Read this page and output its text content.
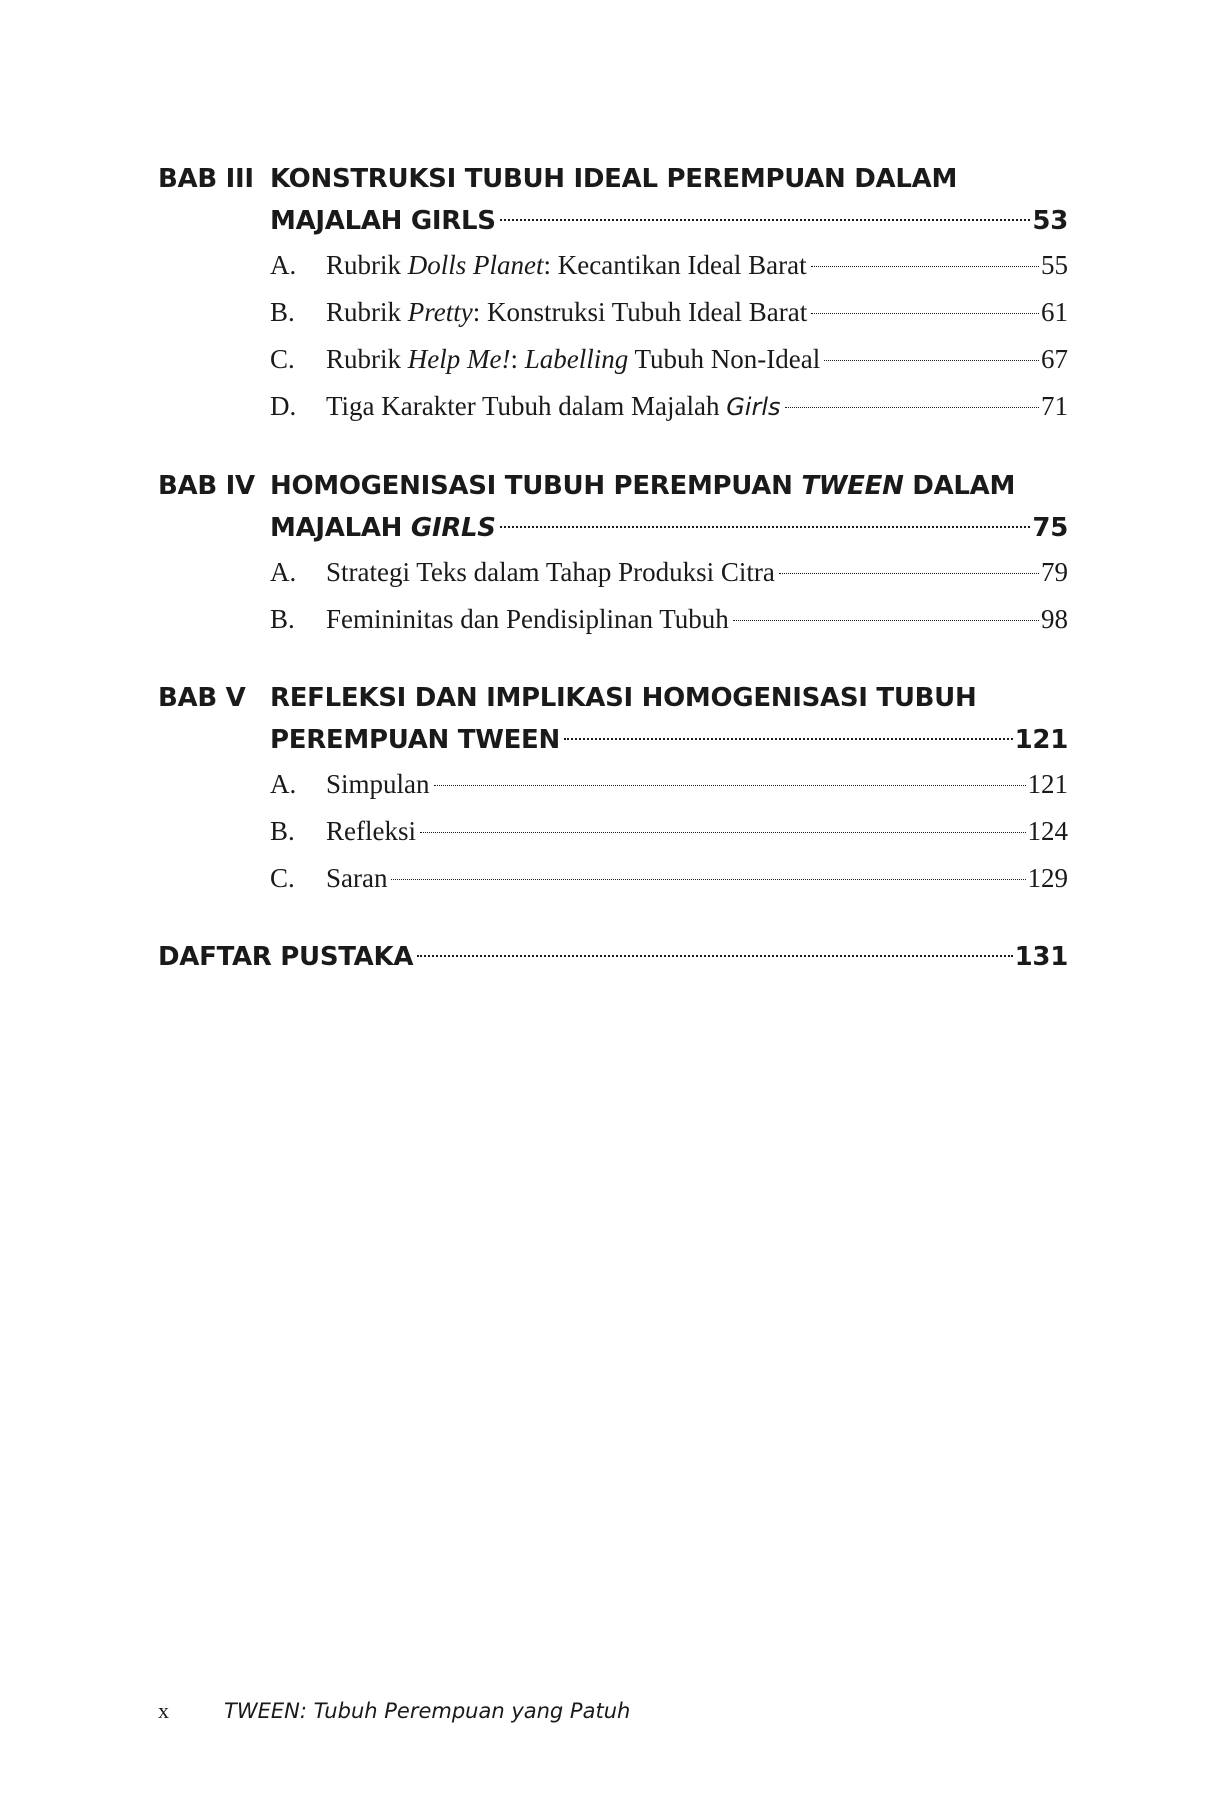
BAB III KONSTRUKSI TUBUH IDEAL PEREMPUAN DALAM
MAJALAH GIRLS	53
A.	Rubrik Dolls Planet: Kecantikan Ideal Barat	55
B.	Rubrik Pretty: Konstruksi Tubuh Ideal Barat	61
C.	Rubrik Help Me!: Labelling Tubuh Non-Ideal	67
D.	Tiga Karakter Tubuh dalam Majalah Girls	71
BAB IV HOMOGENISASI TUBUH PEREMPUAN TWEEN DALAM
MAJALAH GIRLS	75
A.	Strategi Teks dalam Tahap Produksi Citra	79
B.	Femininitas dan Pendisiplinan Tubuh	98
BAB V REFLEKSI DAN IMPLIKASI HOMOGENISASI TUBUH
PEREMPUAN TWEEN	121
A.	Simpulan	121
B.	Refleksi	124
C.	Saran	129
DAFTAR PUSTAKA	131
x	TWEEN: Tubuh Perempuan yang Patuh
